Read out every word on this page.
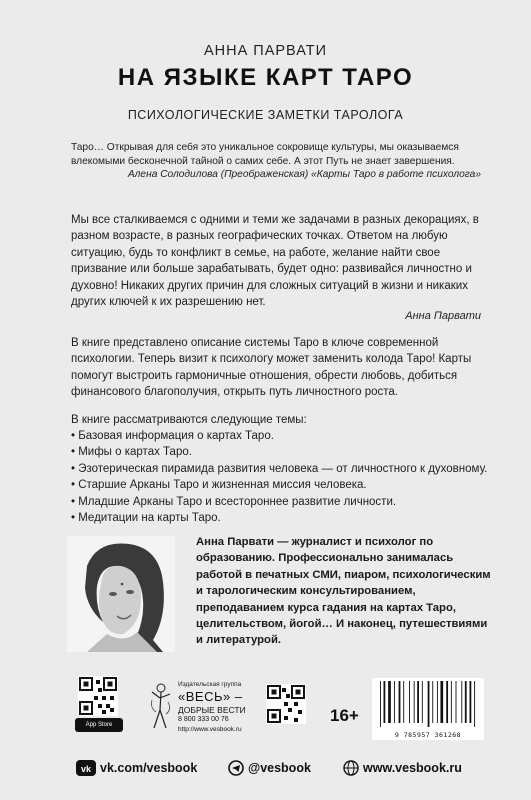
АННА ПАРВАТИ
НА ЯЗЫКЕ КАРТ ТАРО
ПСИХОЛОГИЧЕСКИЕ ЗАМЕТКИ ТАРОЛОГА
Таро… Открывая для себя это уникальное сокровище культуры, мы оказываемся влекомыми бесконечной тайной о самих себе. А этот Путь не знает завершения.
Алена Солодилова (Преображенская) «Карты Таро в работе психолога»
Мы все сталкиваемся с одними и теми же задачами в разных декорациях, в разном возрасте, в разных географических точках. Ответом на любую ситуацию, будь то конфликт в семье, на работе, желание найти свое призвание или больше зарабатывать, будет одно: развивайся личностно и духовно! Никаких других причин для сложных ситуаций в жизни и никаких других ключей к их разрешению нет.
Анна Парвати
В книге представлено описание системы Таро в ключе современной психологии. Теперь визит к психологу может заменить колода Таро! Карты помогут выстроить гармоничные отношения, обрести любовь, добиться финансового благополучия, открыть путь личностного роста.
В книге рассматриваются следующие темы:
• Базовая информация о картах Таро.
• Мифы о картах Таро.
• Эзотерическая пирамида развития человека — от личностного к духовному.
• Старшие Арканы Таро и жизненная миссия человека.
• Младшие Арканы Таро и всестороннее развитие личности.
• Медитации на карты Таро.
Анна Парвати — журналист и психолог по образованию. Профессионально занималась работой в печатных СМИ, пиаром, психологическим и тарологическим консультированием, преподаванием курса гадания на картах Таро, целительством, йогой… И наконец, путешествиями и литературой.
App Store
Издательская группа
«ВЕСЬ» –
ДОБРЫЕ ВЕСТИ
8 800 333 00 76
http://www.vesbook.ru
16+
9 785957 361268
vk vk.com/vesbook	@vesbook	www.vesbook.ru
